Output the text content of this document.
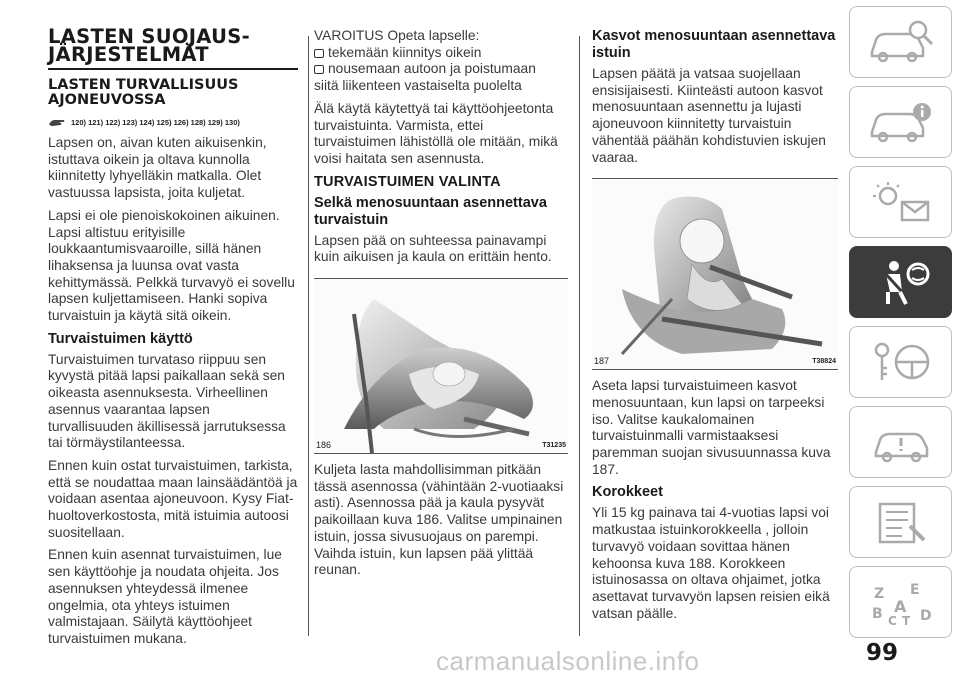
LASTEN SUOJAUS-
JÄRJESTELMÄT
LASTEN TURVALLISUUS
AJONEUVOSSA
120) 121) 122) 123) 124) 125) 126) 128) 129) 130)

Lapsen on, aivan kuten aikuisenkin, istuttava oikein ja oltava kunnolla kiinnitetty lyhyelläkin matkalla. Olet vastuussa lapsista, joita kuljetat.

Lapsi ei ole pienoiskokoinen aikuinen. Lapsi altistuu erityisille loukkaantumisvaaroille, sillä hänen lihaksensa ja luunsa ovat vasta kehittymässä. Pelkkä turvavyö ei sovellu lapsen kuljettamiseen. Hanki sopiva turvaistuin ja käytä sitä oikein.

Turvaistuimen käyttö

Turvaistuimen turvataso riippuu sen kyvystä pitää lapsi paikallaan sekä sen oikeasta asennuksesta. Virheellinen asennus vaarantaa lapsen turvallisuuden äkillisessä jarrutuksessa tai törmäystilanteessa.

Ennen kuin ostat turvaistuimen, tarkista, että se noudattaa maan lainsäädäntöä ja voidaan asentaa ajoneuvoon. Kysy Fiat-huoltoverkostosta, mitä istuimia autoosi suositellaan.

Ennen kuin asennat turvaistuimen, lue sen käyttöohje ja noudata ohjeita. Jos asennuksen yhteydessä ilmenee ongelmia, ota yhteys istuimen valmistajaan. Säilytä käyttöohjeet turvaistuimen mukana.

VAROITUS Opeta lapselle:

tekemään kiinnitys oikein
nousemaan autoon ja poistumaan

siitä liikenteen vastaiselta puolelta

Älä käytä käytettyä tai käyttöohjeetonta turvaistuinta. Varmista, ettei turvaistuimen lähistöllä ole mitään, mikä voisi haitata sen asennusta.

TURVAISTUIMEN VALINTA
Selkä menosuuntaan asennettava turvaistuin

Lapsen pää on suhteessa painavampi kuin aikuisen ja kaula on erittäin hento.

186	T31235

Kuljeta lasta mahdollisimman pitkään tässä asennossa (vähintään 2-vuotiaaksi asti). Asennossa pää ja kaula pysyvät paikoillaan kuva 186. Valitse umpinainen istuin, jossa sivusuojaus on parempi. Vaihda istuin, kun lapsen pää ylittää reunan.

Kasvot menosuuntaan asennettava istuin

Lapsen päätä ja vatsaa suojellaan ensisijaisesti. Kiinteästi autoon kasvot menosuuntaan asennettu ja lujasti ajoneuvoon kiinnitetty turvaistuin vähentää päähän kohdistuvien iskujen vaaraa.

187	T38824

Aseta lapsi turvaistuimeen kasvot menosuuntaan, kun lapsi on tarpeeksi iso. Valitse kaukalomainen turvaistuinmalli varmistaaksesi paremman suojan sivusuunnassa kuva 187.

Korokkeet

Yli 15 kg painava tai 4-vuotias lapsi voi matkustaa istuinkorokkeella , jolloin turvavyö voidaan sovittaa hänen kehoonsa kuva 188. Korokkeen istuinosassa on oltava ohjaimet, jotka asettavat turvavyön lapsen reisien eikä vatsan päälle.

Z E
B A
C T D
carmanualsonline.info	99
